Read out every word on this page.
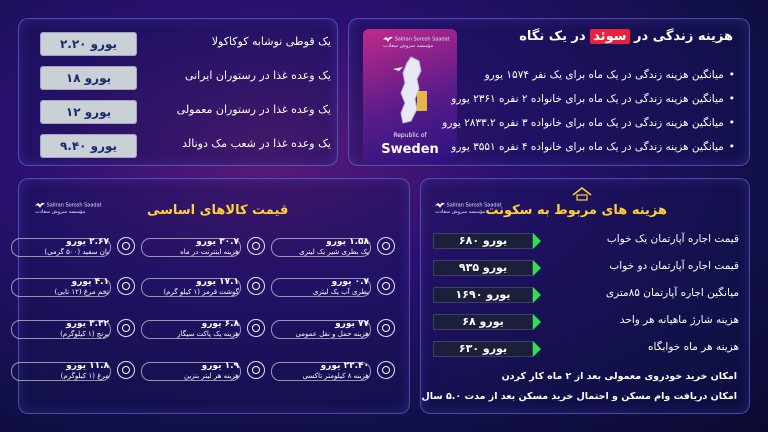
۲.۲۰ یورو	یک قوطی نوشابه کوکاکولا
۱۸ یورو	یک وعده غذا در رستوران ایرانی
۱۲ یورو	یک وعده غذا در رستوران معمولی
۹.۴۰ یورو	یک وعده غذا در شعب مک دونالد
Sallran Sorosh Saadat
مؤسسه سروش سعادت
Republic of
Sweden
هزینه زندگی در سوئد در یک نگاه
• میانگین هزینه زندگی در یک ماه برای یک نفر ۱۵۷۴ یورو
• میانگین هزینه زندگی در یک ماه برای خانواده ۲ نفره ۲۳۶۱ یورو
• میانگین هزینه زندگی در یک ماه برای خانواده ۳ نفره ۲۸۳۳.۲ یورو
• میانگین هزینه زندگی در یک ماه برای خانواده ۴ نفره ۳۵۵۱ یورو
Sallran Sorosh Saadat
مؤسسه سروش سعادت	قیمت کالاهای اساسی
۱.۵۸ یورو
یک بطری شیر یک لیتری
۳۰.۷ یورو
هزینه اینترنت در ماه
۲.۶۷ یورو
نان سفید (۵۰۰ گرمی)
۰.۷ یورو
بطری آب یک لیتری
۱۷.۱ یورو
گوشت قرمز (۱ کیلو گرم)
۴.۱ یورو
تخم مرغ (۱۲ تایی)
۷۷ یورو
هزینه حمل و نقل عمومی
۶.۸ یورو
هزینه یک پاکت سیگار
۳.۳۲ یورو
برنج (۱ کیلوگرم)
۲۲.۴۰ یورو
هزینه ۸ کیلومتر تاکسی
۱.۹ یورو
هزینه هر لیتر بنزین
۱۱.۸ یورو
مرغ (۱ کیلوگرم)
Sallran Sorosh Saadat
مؤسسه سروش سعادت هزینه های مربوط به سکونت
۶۸۰ یورو	قیمت اجاره آپارتمان یک خواب
۹۳۵ یورو	قیمت اجاره آپارتمان دو خواب
۱۶۹۰ یورو	میانگین اجاره آپارتمان ۸۵متری
۶۸ یورو	هزینه شارژ ماهیانه هر واحد
۶۳۰ یورو	هزینه هر ماه خوابگاه
امکان خرید خودروی معمولی بعد از ۲ ماه کار کردن
امکان دریافت وام مسکن و احتمال خرید مسکن بعد از مدت ۵.۰ سال
